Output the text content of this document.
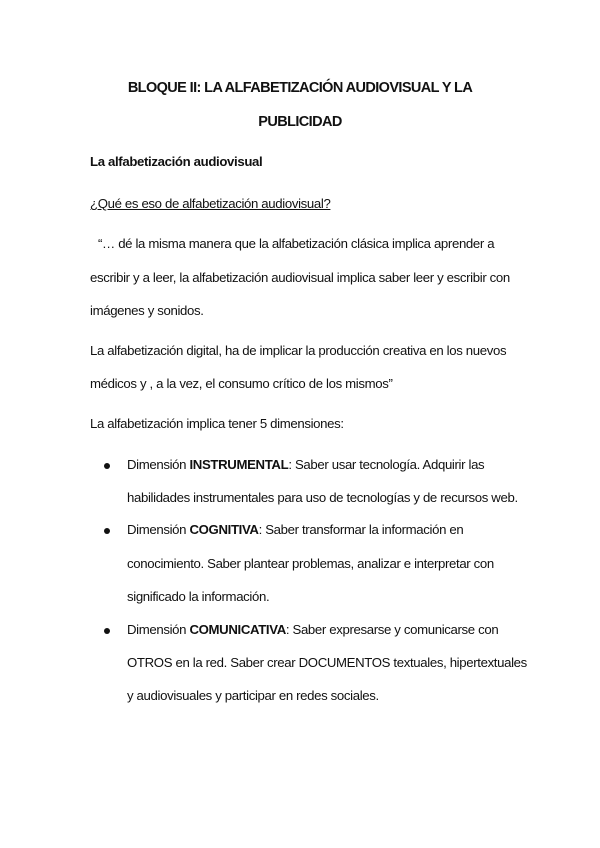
BLOQUE II: LA ALFABETIZACIÓN AUDIOVISUAL Y LA
PUBLICIDAD
La alfabetización audiovisual
¿Qué es eso de alfabetización audiovisual?
“… dé la misma manera que la alfabetización clásica implica aprender a
escribir y a leer, la alfabetización audiovisual implica saber leer y escribir con
imágenes y sonidos.
La alfabetización digital, ha de implicar la producción creativa en los nuevos
médicos y , a la vez, el consumo crítico de los mismos”
La alfabetización implica tener 5 dimensiones:
Dimensión INSTRUMENTAL: Saber usar tecnología. Adquirir las
habilidades instrumentales para uso de tecnologías y de recursos web.
Dimensión COGNITIVA: Saber transformar la información en
conocimiento. Saber plantear problemas, analizar e interpretar con
significado la información.
Dimensión COMUNICATIVA: Saber expresarse y comunicarse con
OTROS en la red. Saber crear DOCUMENTOS textuales, hipertextuales
y audiovisuales y participar en redes sociales.
